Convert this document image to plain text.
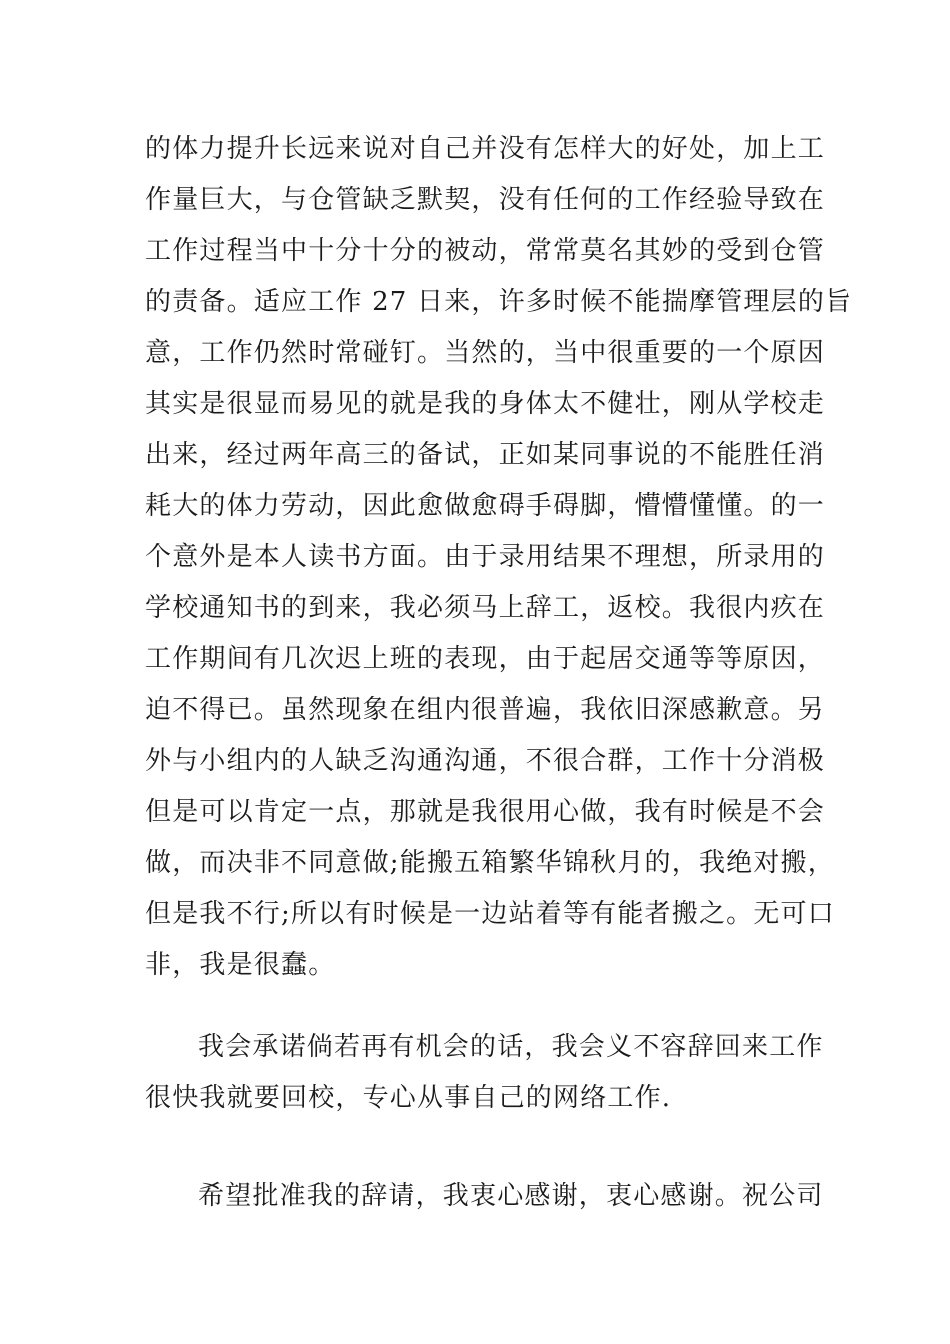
的体力提升长远来说对自己并没有怎样大的好处，加上工
作量巨大，与仓管缺乏默契，没有任何的工作经验导致在
工作过程当中十分十分的被动，常常莫名其妙的受到仓管
的责备。适应工作 27 日来，许多时候不能揣摩管理层的旨
意，工作仍然时常碰钉。当然的，当中很重要的一个原因
其实是很显而易见的就是我的身体太不健壮，刚从学校走
出来，经过两年高三的备试，正如某同事说的不能胜任消
耗大的体力劳动，因此愈做愈碍手碍脚，懵懵懂懂。的一
个意外是本人读书方面。由于录用结果不理想，所录用的
学校通知书的到来，我必须马上辞工，返校。我很内疚在
工作期间有几次迟上班的表现，由于起居交通等等原因，
迫不得已。虽然现象在组内很普遍，我依旧深感歉意。另
外与小组内的人缺乏沟通沟通，不很合群，工作十分消极
但是可以肯定一点，那就是我很用心做，我有时候是不会
做，而决非不同意做;能搬五箱繁华锦秋月的，我绝对搬，
但是我不行;所以有时候是一边站着等有能者搬之。无可口
非，我是很蠢。
我会承诺倘若再有机会的话，我会义不容辞回来工作
很快我就要回校，专心从事自己的网络工作.
希望批准我的辞请，我衷心感谢，衷心感谢。祝公司
